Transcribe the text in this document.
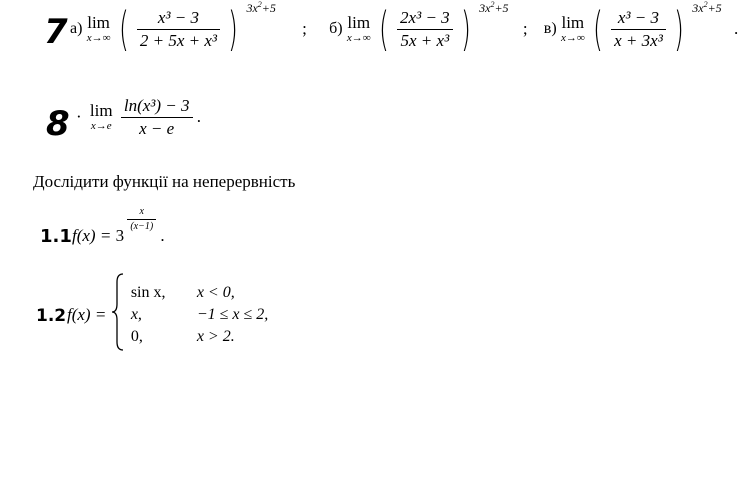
7 а) lim
x→∞ ( $\frac{\text{x³ − 3}}{\text{2 + 5x + x³}}$ ) $3x^2+5$ ; б) lim
x→∞ ( $\frac{\text{2x³ − 3}}{\text{5x + x³}}$ ) $3x^2+5$ ; в) lim
x→∞ ( $\frac{\text{x³ − 3}}{\text{x + 3x³}}$ ) $3x^2+5$ .
8 · lim
x→e
$\frac{\text{ln(x³) − 3}}{x - e}$ .
Дослідити функції на неперервність
1.1 f(x) = 3
$\frac{x}{(x-1)}$
.
1.2 f(x) =
sin x,	x < 0,
x,	−1 ≤ x ≤ 2,
0,	x > 2.
